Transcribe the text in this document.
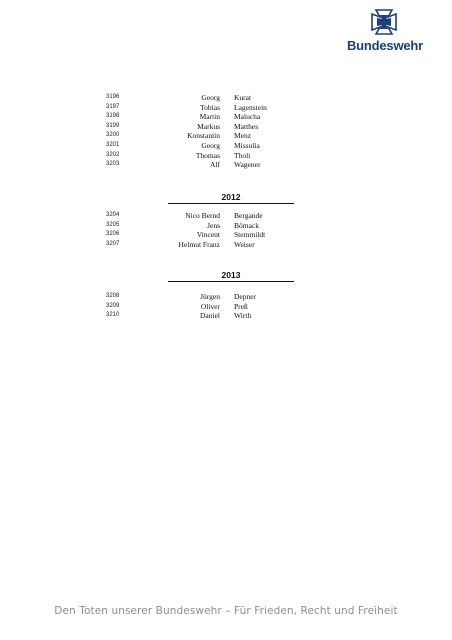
Bundeswehr
3196	Georg Kurat
3197	Tobias Lagenstein
3198	Martin Malucha
3199	Markus Matthes
3200	Konstantin Menz
3201	Georg Missulia
3202	Thomas Tholi
3203	Alf Wagener
2012
3204	Nico Bernd Bergande
3205	Jens Bömack
3206	Vincent Stemmildt
3207	Helmut Franz Weiser
2013
3208	Jürgen Depner
3209	Oliver Preß
3210	Daniel Wirth
Den Toten unserer Bundeswehr – Für Frieden, Recht und Freiheit
